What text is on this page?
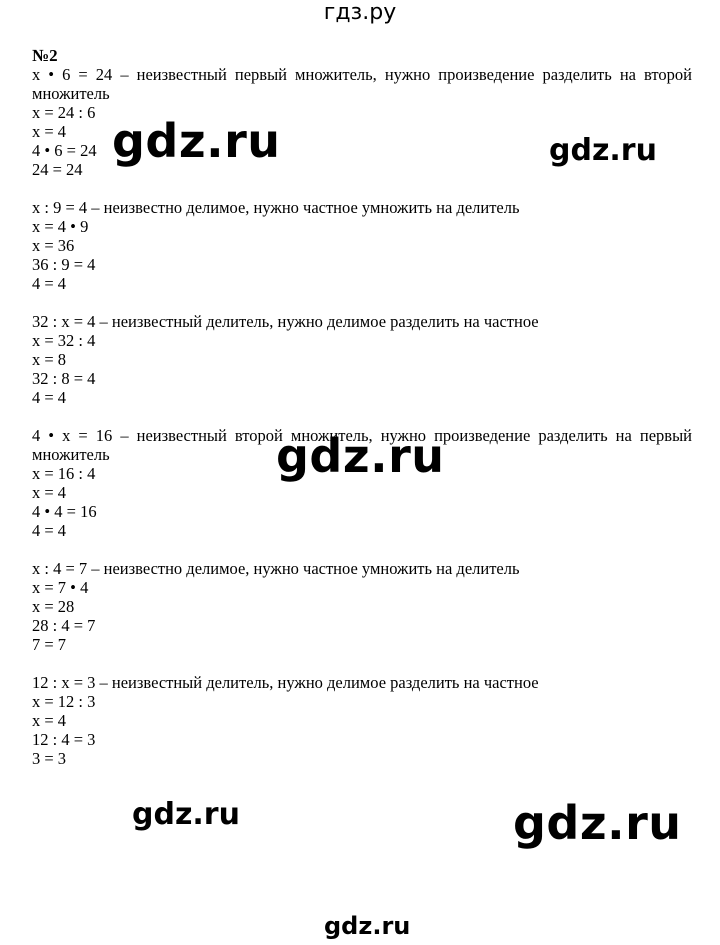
гдз.ру
№2
x • 6 = 24 – неизвестный первый множитель, нужно произведение разделить на второй множитель
x = 24 : 6
x = 4
4 • 6 = 24
24 = 24
x : 9 = 4 – неизвестно делимое, нужно частное умножить на делитель
x = 4 • 9
x = 36
36 : 9 = 4
4 = 4
32 : x = 4 – неизвестный делитель, нужно делимое разделить на частное
x = 32 : 4
x = 8
32 : 8 = 4
4 = 4
4 • x = 16 – неизвестный второй множитель, нужно произведение разделить на первый множитель
x = 16 : 4
x = 4
4 • 4 = 16
4 = 4
x : 4 = 7 – неизвестно делимое, нужно частное умножить на делитель
x = 7 • 4
x = 28
28 : 4 = 7
7 = 7
12 : x = 3 – неизвестный делитель, нужно делимое разделить на частное
x = 12 : 3
x = 4
12 : 4 = 3
3 = 3
gdz.ru	gdz.ru
gdz.ru
gdz.ru	gdz.ru
gdz.ru
